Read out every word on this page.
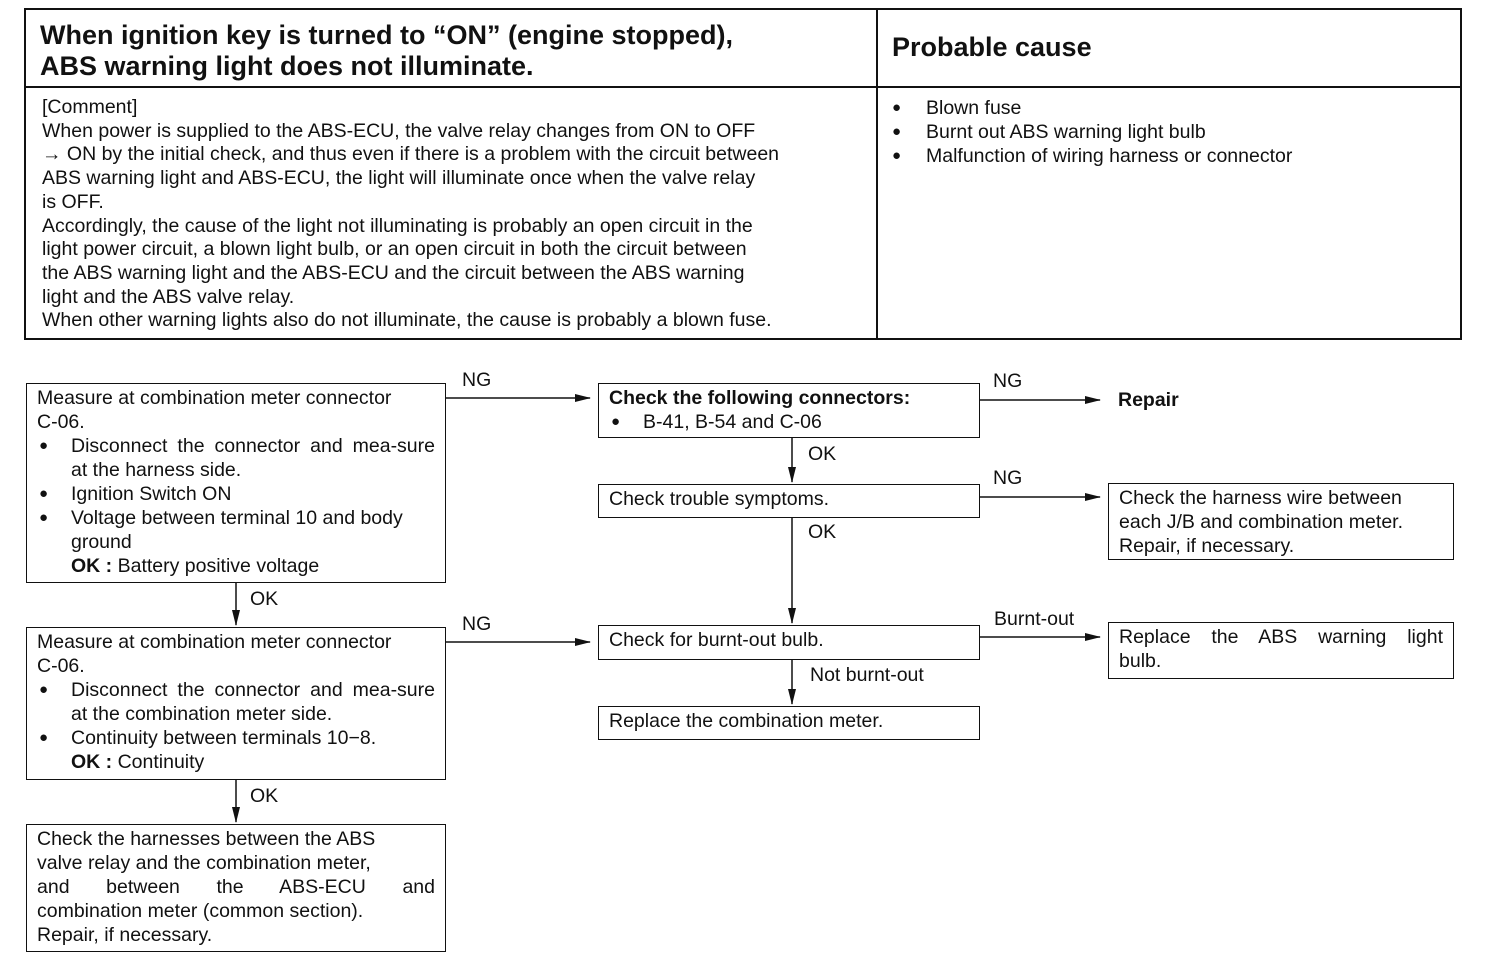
When ignition key is turned to “ON” (engine stopped),
ABS warning light does not illuminate.
Probable cause
[Comment]
When power is supplied to the ABS-ECU, the valve relay changes from ON to OFF
→ ON by the initial check, and thus even if there is a problem with the circuit between
ABS warning light and ABS-ECU, the light will illuminate once when the valve relay
is OFF.
Accordingly, the cause of the light not illuminating is probably an open circuit in the
light power circuit, a blown light bulb, or an open circuit in both the circuit between
the ABS warning light and the ABS-ECU and the circuit between the ABS warning
light and the ABS valve relay.
When other warning lights also do not illuminate, the cause is probably a blown fuse.
● Blown fuse
● Burnt out ABS warning light bulb
● Malfunction of wiring harness or connector
Measure at combination meter connector
C-06.
● Disconnect the connector and mea-sure at the harness side.
● Ignition Switch ON
● Voltage between terminal 10 and body ground
OK : Battery positive voltage
Measure at combination meter connector
C-06.
● Disconnect the connector and mea-sure at the combination meter side.
● Continuity between terminals 10−8.
OK : Continuity
Check the harnesses between the ABS
valve relay and the combination meter,
and between the ABS-ECU and
combination meter (common section).
Repair, if necessary.
Check the following connectors:
● B-41, B-54 and C-06
Repair
Check trouble symptoms.	Check the harness wire between
each J/B and combination meter.
Repair, if necessary.
Check for burnt-out bulb.	Replace the ABS warning light
bulb.
Replace the combination meter.
NG	NG
OK
NG
OK
OK
NG	Burnt-out
Not burnt-out
OK
